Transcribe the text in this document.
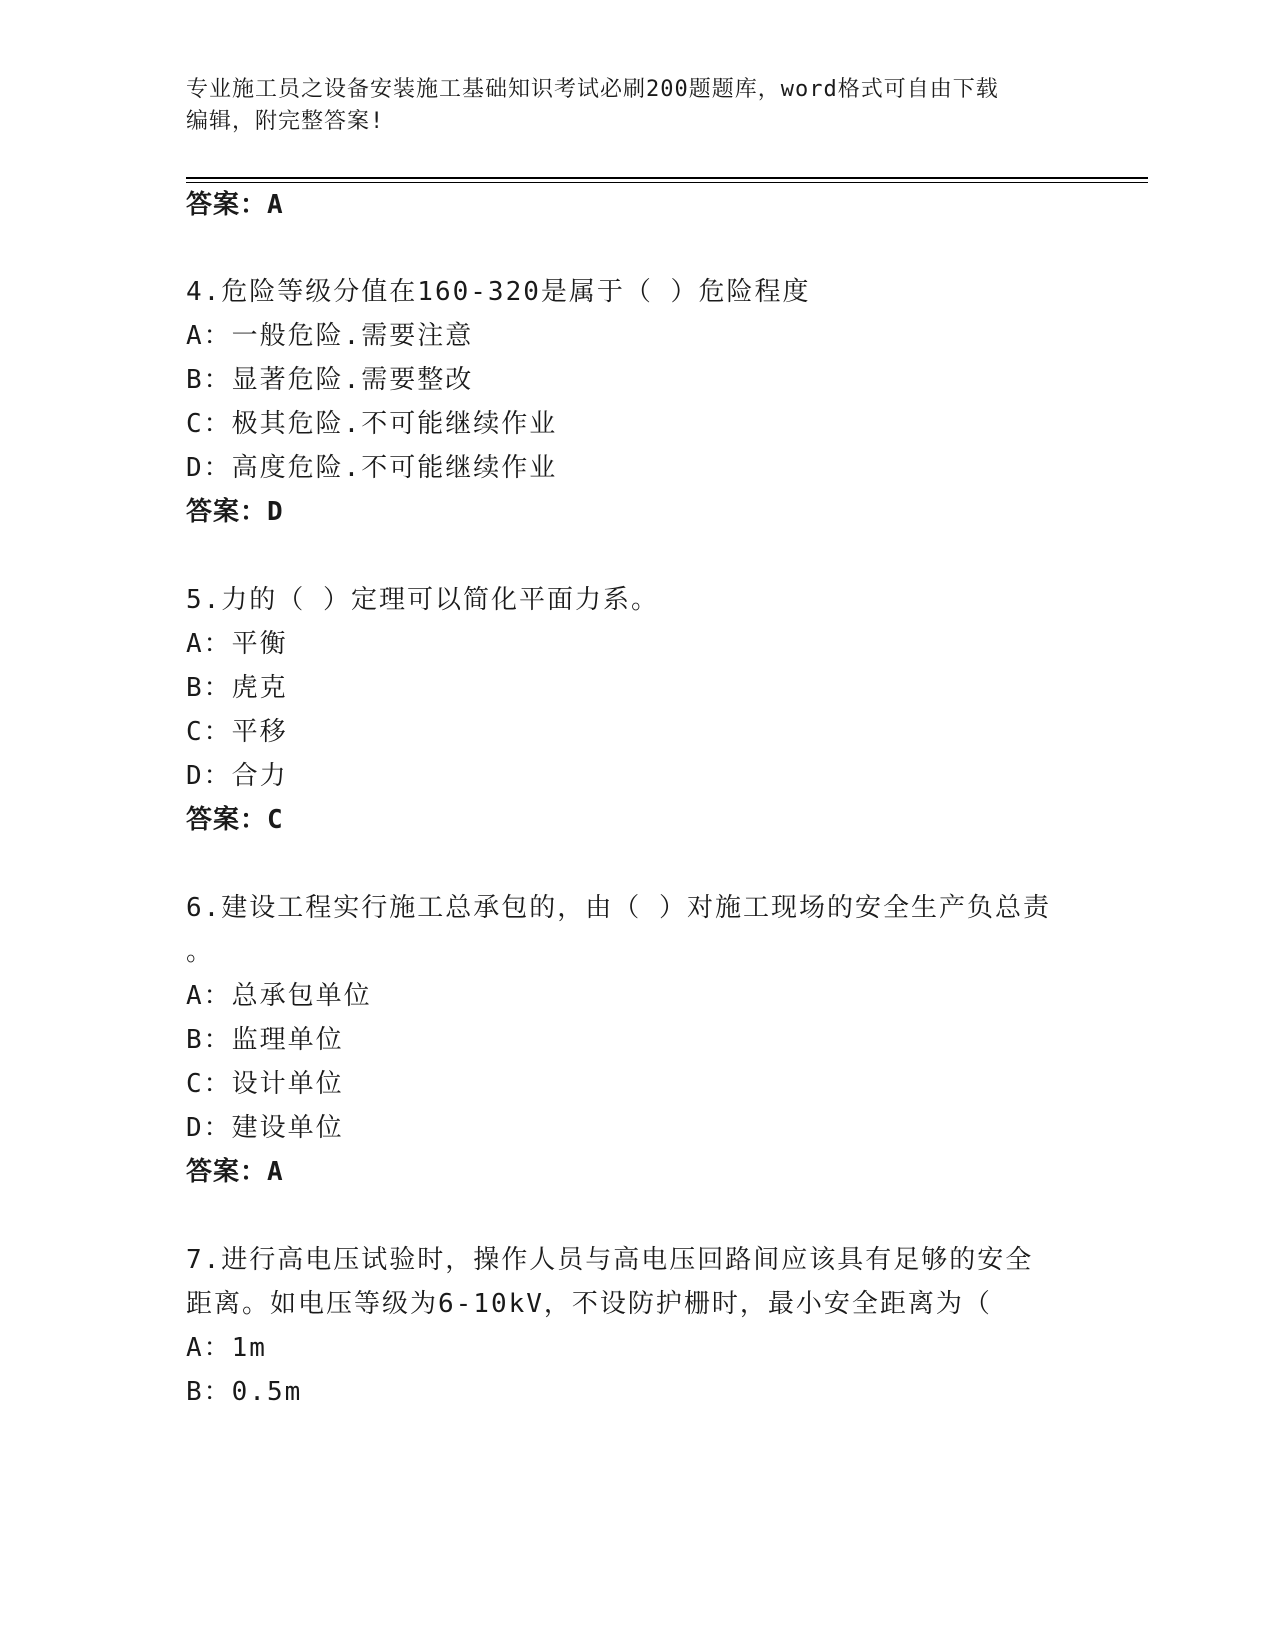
专业施工员之设备安装施工基础知识考试必刷200题题库，word格式可自由下载
编辑，附完整答案!
答案：A
4.危险等级分值在160-320是属于（ ）危险程度
A：一般危险.需要注意
B：显著危险.需要整改
C：极其危险.不可能继续作业
D：高度危险.不可能继续作业
答案：D
5.力的（ ）定理可以简化平面力系。
A：平衡
B：虎克
C：平移
D：合力
答案：C
6.建设工程实行施工总承包的，由（ ）对施工现场的安全生产负总责
。
A：总承包单位
B：监理单位
C：设计单位
D：建设单位
答案：A
7.进行高电压试验时，操作人员与高电压回路间应该具有足够的安全
距离。如电压等级为6-10kV，不设防护栅时，最小安全距离为（
A：1m
B：0.5m
